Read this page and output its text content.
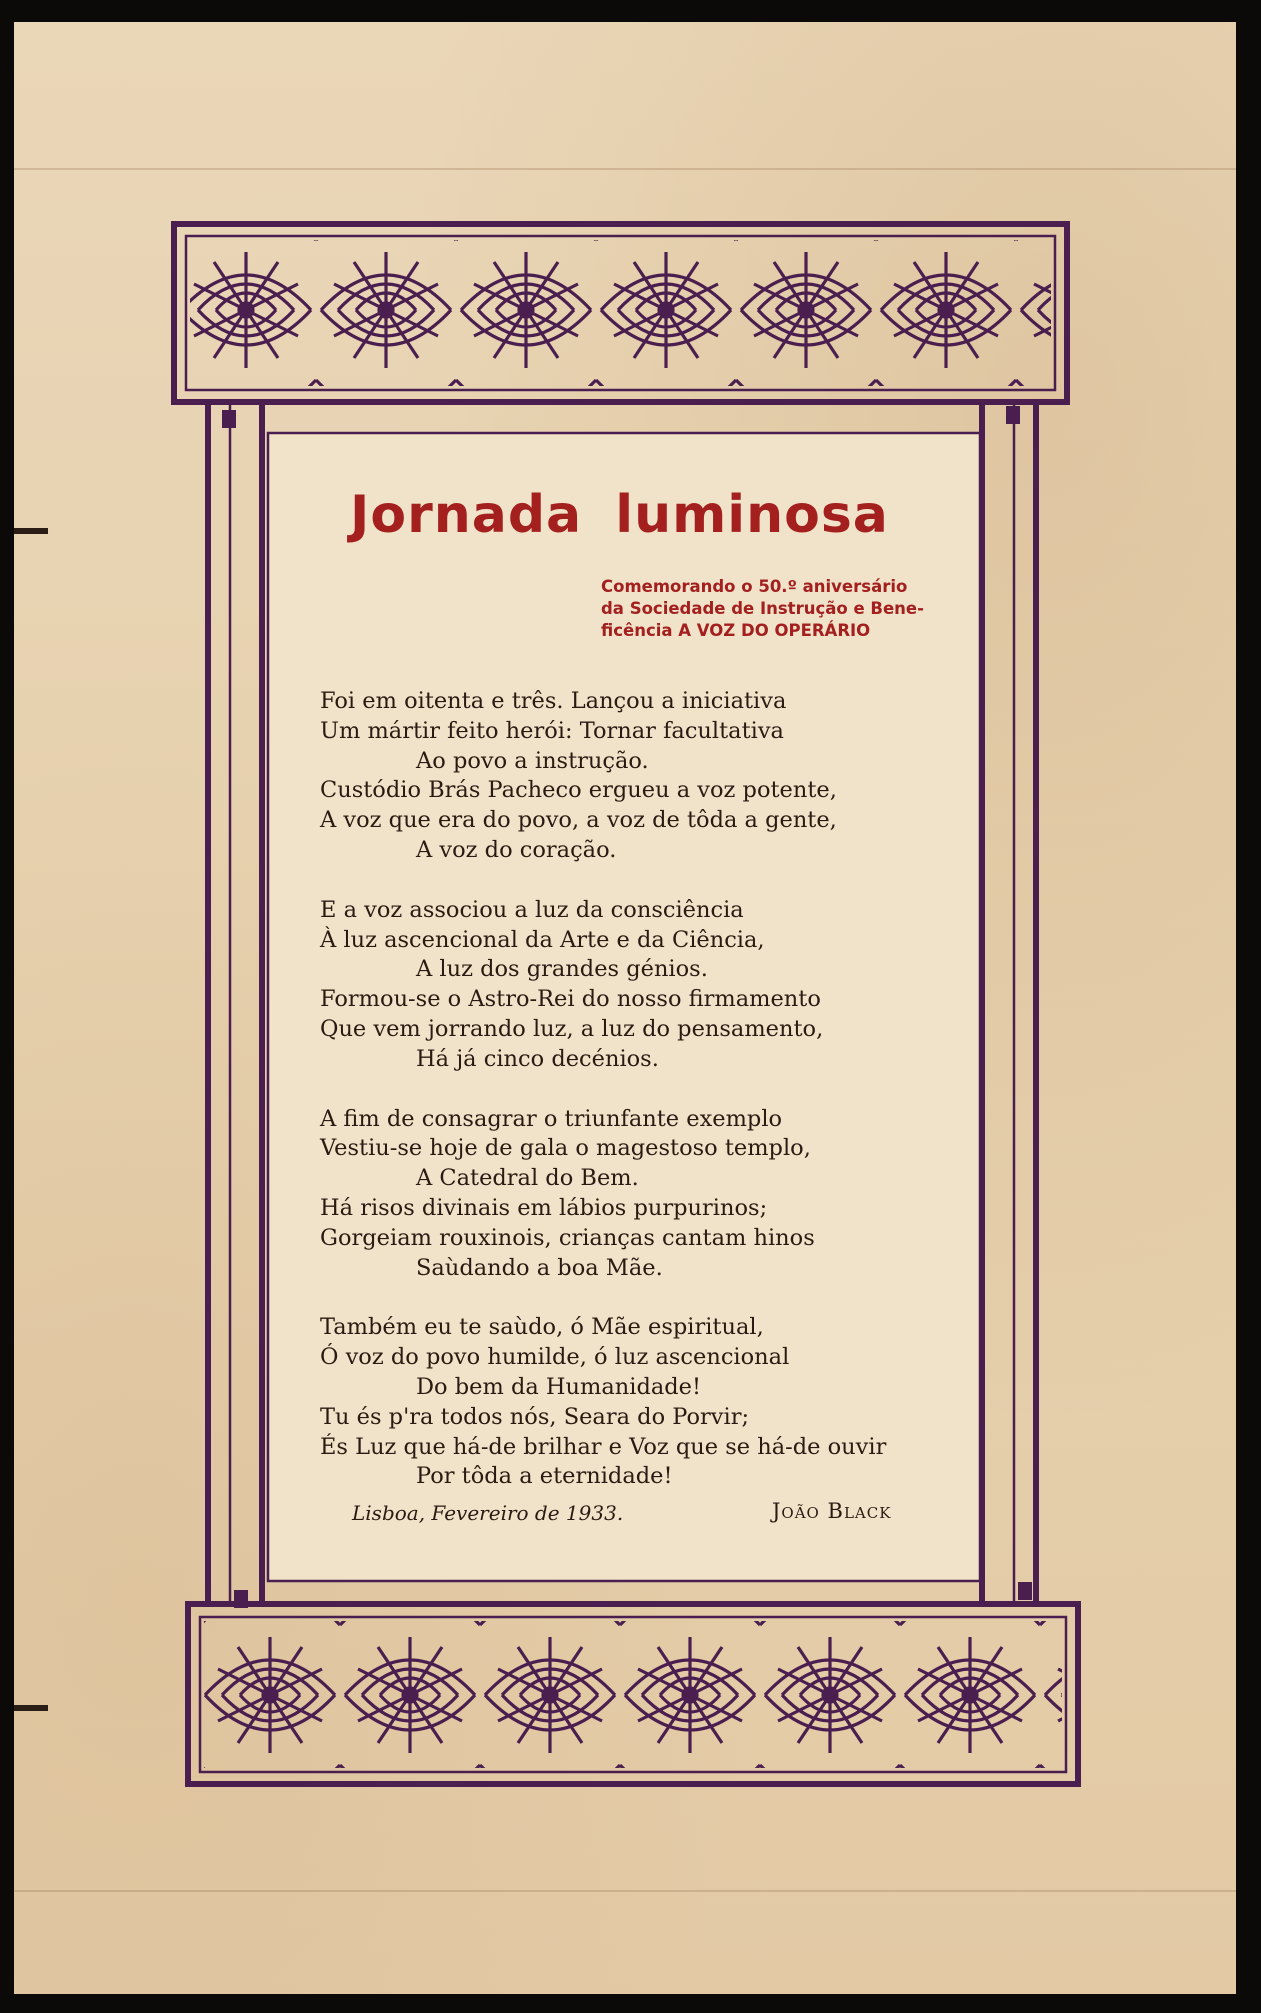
Jornada luminosa
Comemorando o 50.º aniversário
da Sociedade de Instrução e Bene-
ficência A VOZ DO OPERÁRIO
Foi em oitenta e três. Lançou a iniciativa
Um mártir feito herói: Tornar facultativa
Ao povo a instrução.
Custódio Brás Pacheco ergueu a voz potente,
A voz que era do povo, a voz de tôda a gente,
A voz do coração.
E a voz associou a luz da consciência
À luz ascencional da Arte e da Ciência,
A luz dos grandes génios.
Formou-se o Astro-Rei do nosso firmamento
Que vem jorrando luz, a luz do pensamento,
Há já cinco decénios.
A fim de consagrar o triunfante exemplo
Vestiu-se hoje de gala o magestoso templo,
A Catedral do Bem.
Há risos divinais em lábios purpurinos;
Gorgeiam rouxinois, crianças cantam hinos
Saùdando a boa Mãe.
Também eu te saùdo, ó Mãe espiritual,
Ó voz do povo humilde, ó luz ascencional
Do bem da Humanidade!
Tu és p'ra todos nós, Seara do Porvir;
És Luz que há-de brilhar e Voz que se há-de ouvir
Por tôda a eternidade!
Lisboa, Fevereiro de 1933.	João Black
